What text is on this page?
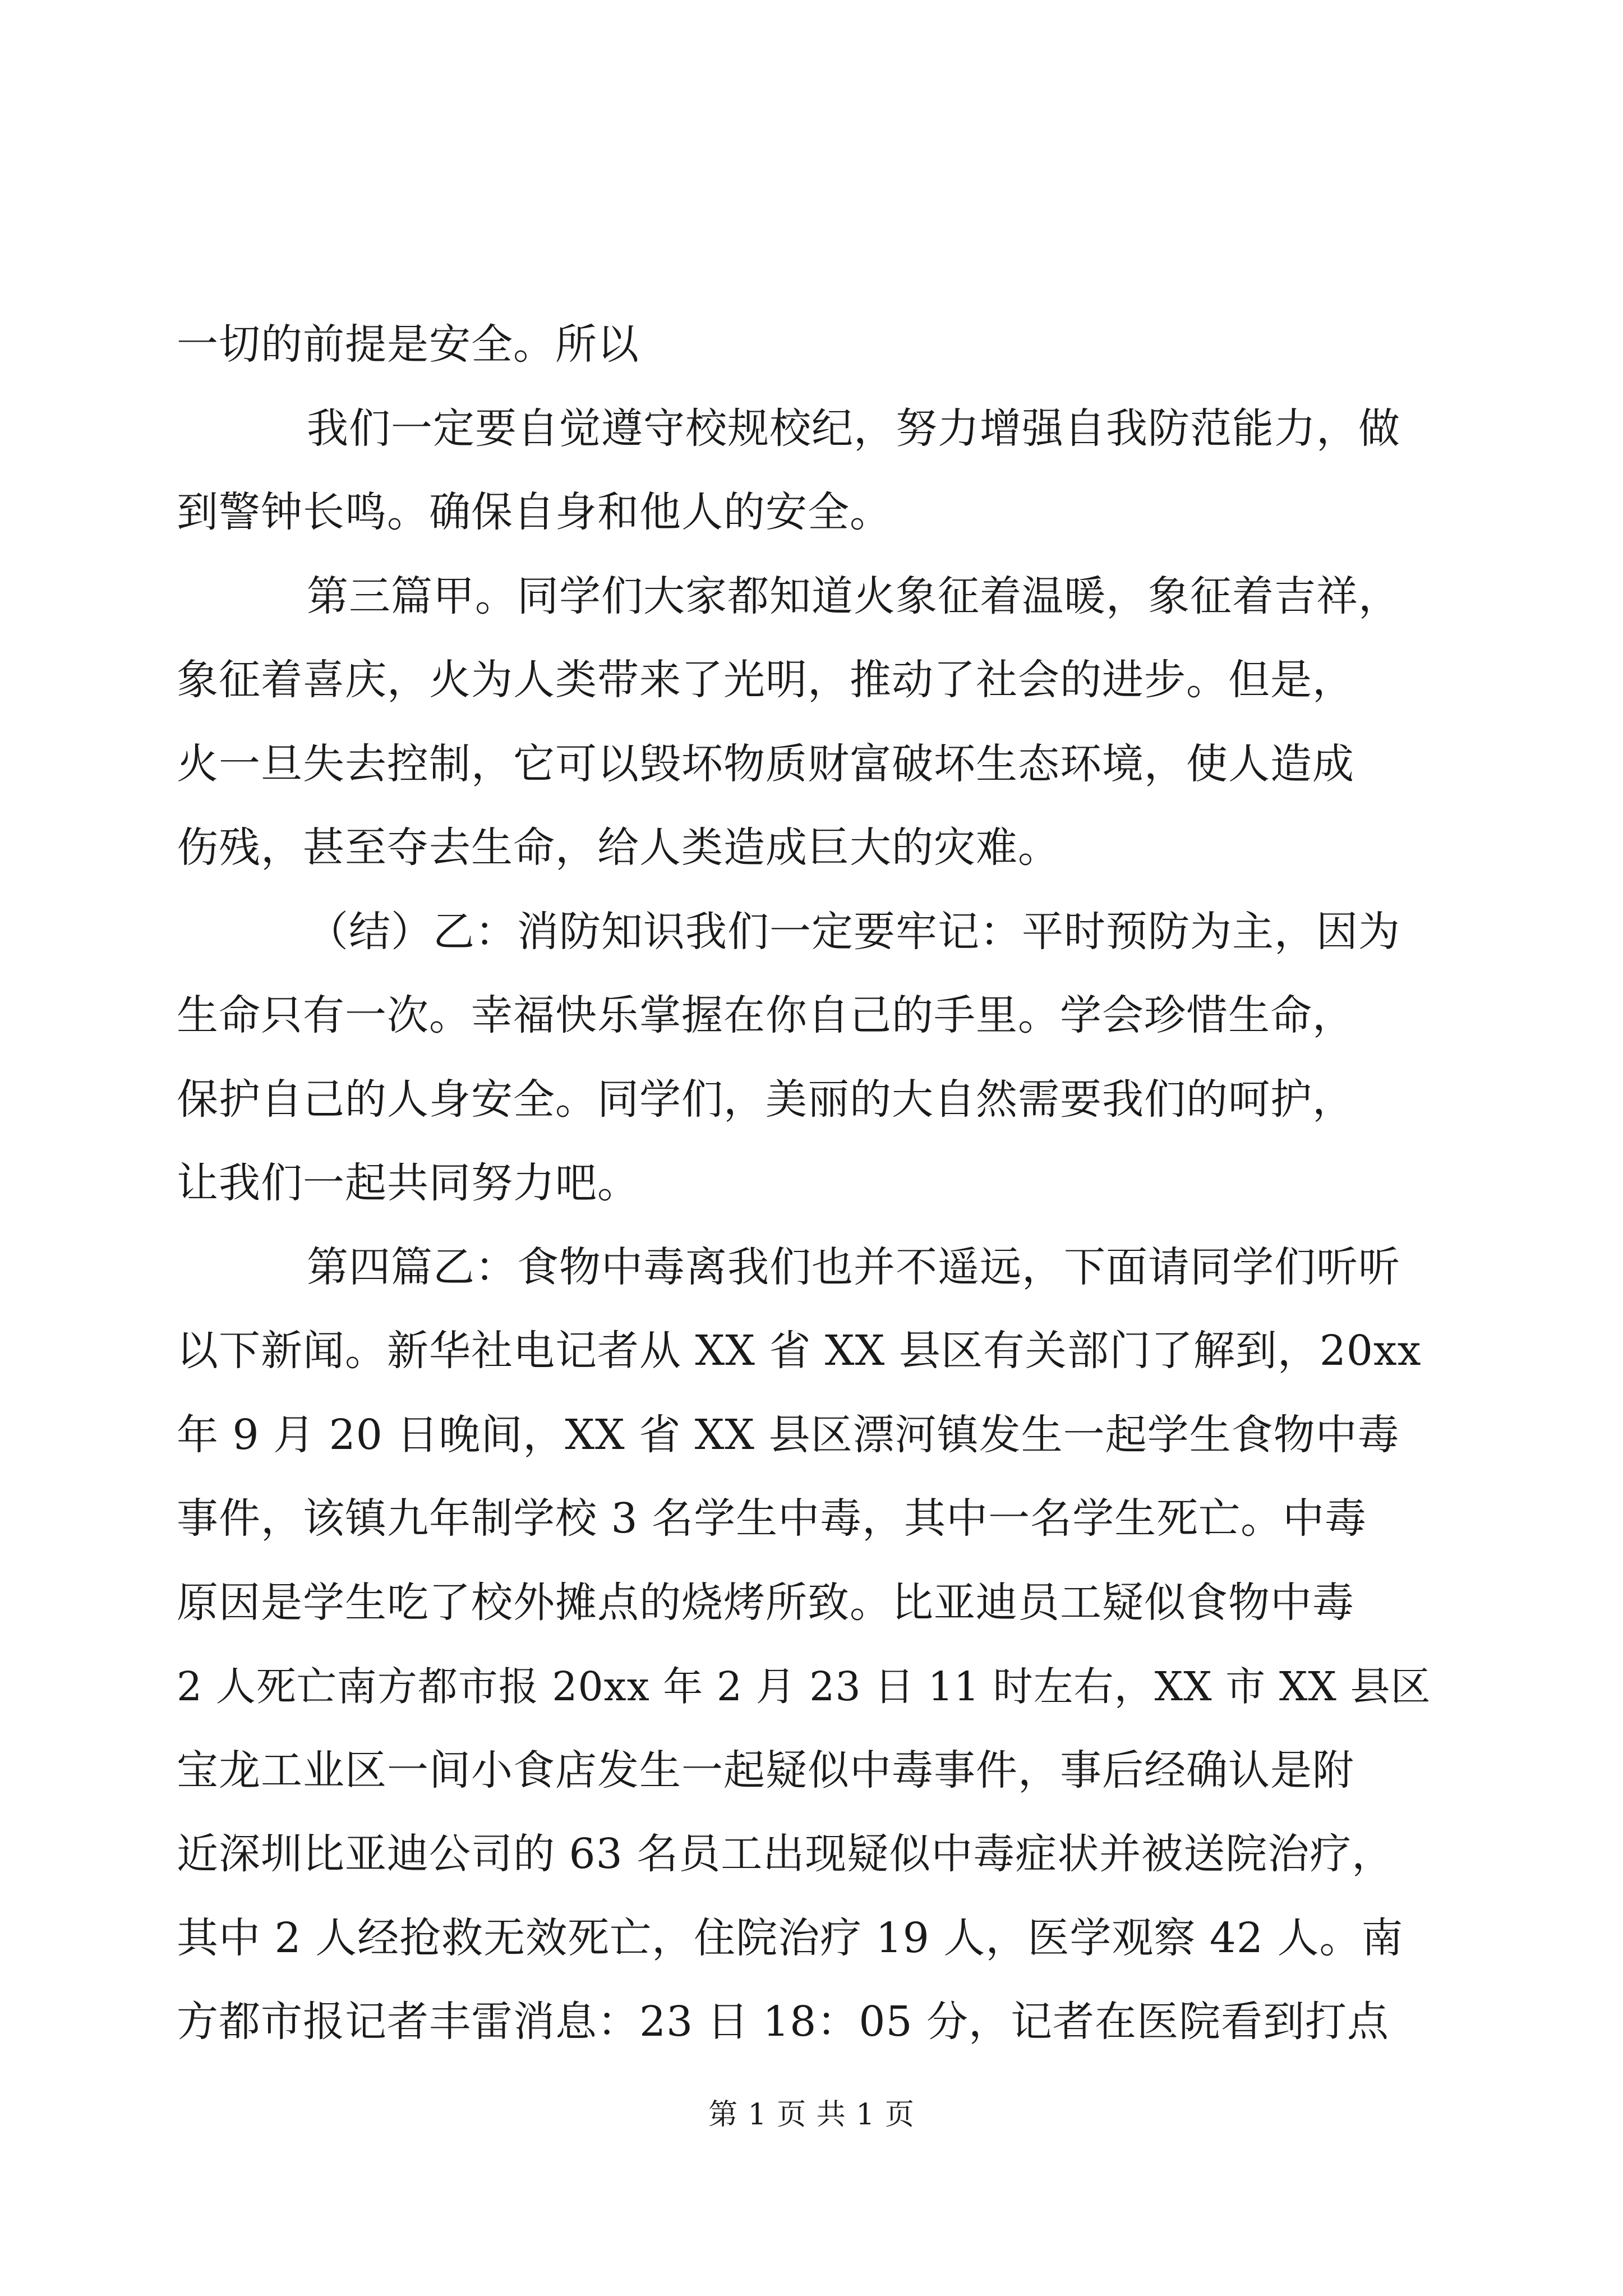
一切的前提是安全。所以
我们一定要自觉遵守校规校纪，努力增强自我防范能力，做
到警钟长鸣。确保自身和他人的安全。
第三篇甲。同学们大家都知道火象征着温暖，象征着吉祥，
象征着喜庆，火为人类带来了光明，推动了社会的进步。但是，
火一旦失去控制，它可以毁坏物质财富破坏生态环境，使人造成
伤残，甚至夺去生命，给人类造成巨大的灾难。
（结）乙：消防知识我们一定要牢记：平时预防为主，因为
生命只有一次。幸福快乐掌握在你自己的手里。学会珍惜生命，
保护自己的人身安全。同学们，美丽的大自然需要我们的呵护，
让我们一起共同努力吧。
第四篇乙：食物中毒离我们也并不遥远，下面请同学们听听
以下新闻。新华社电记者从 XX 省 XX 县区有关部门了解到，20xx
年 9 月 20 日晚间，XX 省 XX 县区漂河镇发生一起学生食物中毒
事件，该镇九年制学校 3 名学生中毒，其中一名学生死亡。中毒
原因是学生吃了校外摊点的烧烤所致。比亚迪员工疑似食物中毒
2 人死亡南方都市报 20xx 年 2 月 23 日 11 时左右，XX 市 XX 县区
宝龙工业区一间小食店发生一起疑似中毒事件，事后经确认是附
近深圳比亚迪公司的 63 名员工出现疑似中毒症状并被送院治疗，
其中 2 人经抢救无效死亡，住院治疗 19 人，医学观察 42 人。南
方都市报记者丰雷消息：23 日 18：05 分，记者在医院看到打点
第 1 页 共 1 页
